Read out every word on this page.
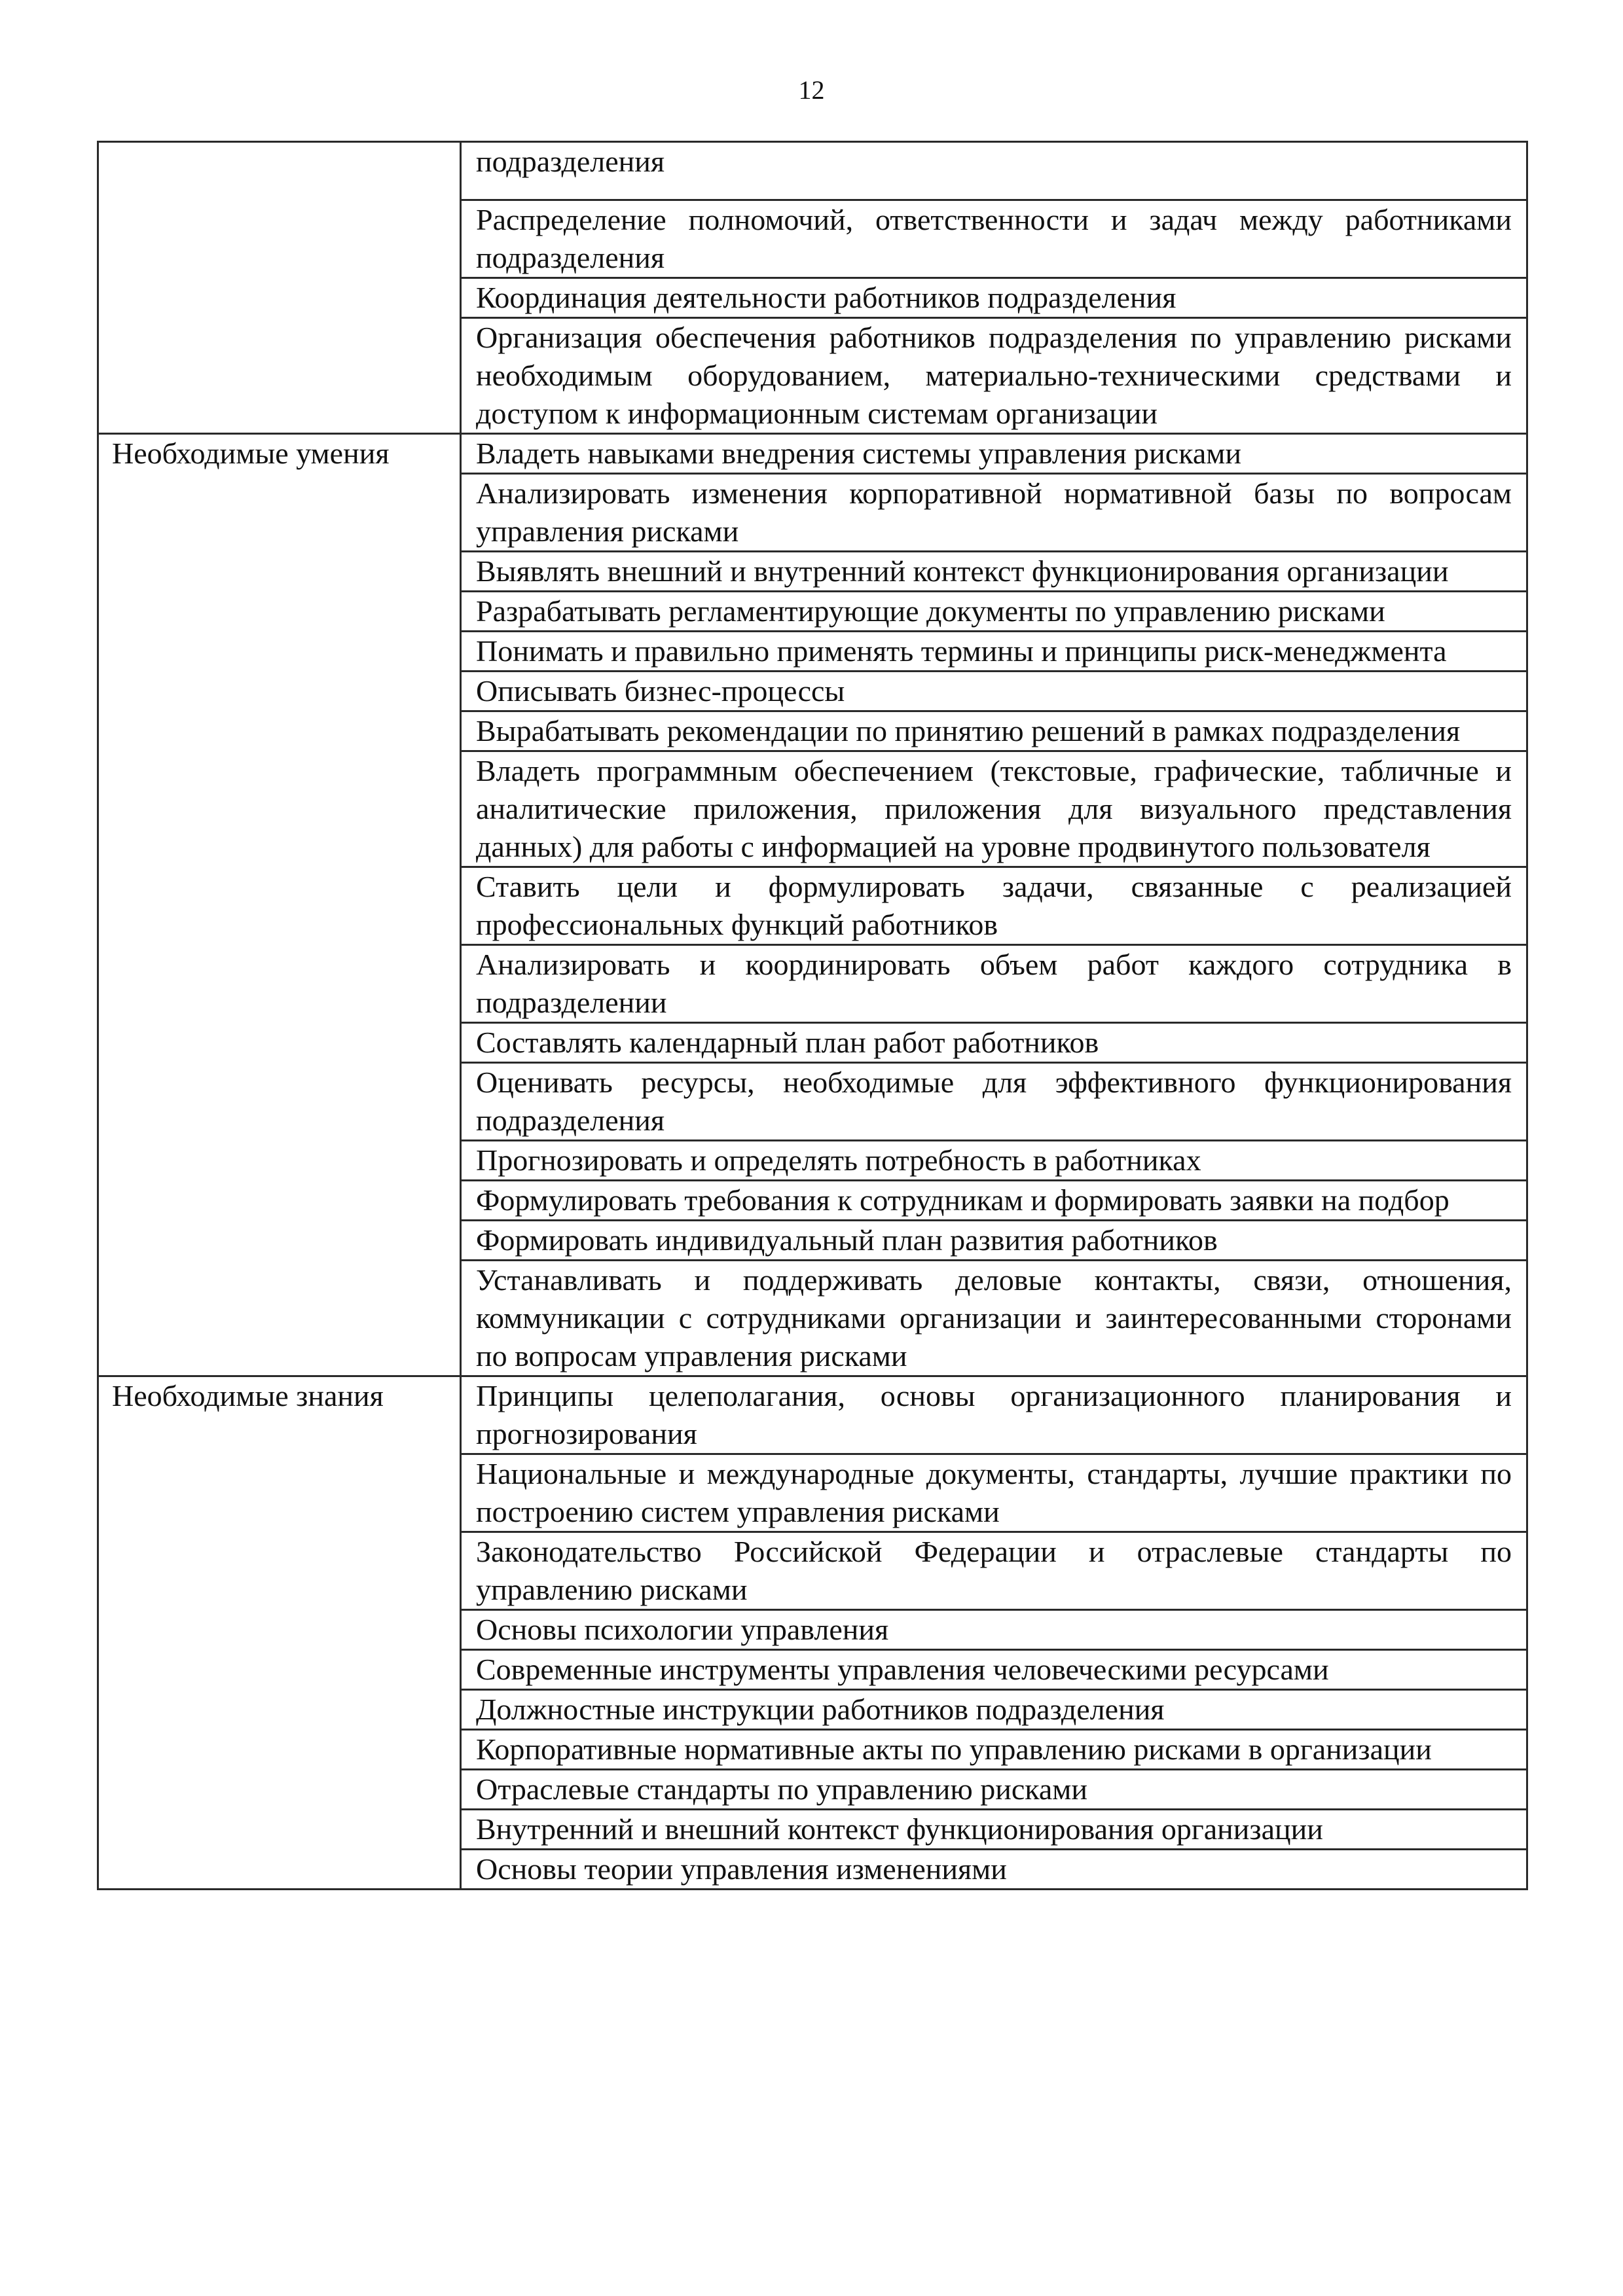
12
	подразделения
	Распределение полномочий, ответственности и задач между работниками подразделения
	Координация деятельности работников подразделения
	Организация обеспечения работников подразделения по управлению рисками необходимым оборудованием, материально-техническими средствами и доступом к информационным системам организации
Необходимые умения	Владеть навыками внедрения системы управления рисками
	Анализировать изменения корпоративной нормативной базы по вопросам управления рисками
	Выявлять внешний и внутренний контекст функционирования организации
	Разрабатывать регламентирующие документы по управлению рисками
	Понимать и правильно применять термины и принципы риск-менеджмента
	Описывать бизнес-процессы
	Вырабатывать рекомендации по принятию решений в рамках подразделения
	Владеть программным обеспечением (текстовые, графические, табличные и аналитические приложения, приложения для визуального представления данных) для работы с информацией на уровне продвинутого пользователя
	Ставить цели и формулировать задачи, связанные с реализацией профессиональных функций работников
	Анализировать и координировать объем работ каждого сотрудника в подразделении
	Составлять календарный план работ работников
	Оценивать ресурсы, необходимые для эффективного функционирования подразделения
	Прогнозировать и определять потребность в работниках
	Формулировать требования к сотрудникам и формировать заявки на подбор
	Формировать индивидуальный план развития работников
	Устанавливать и поддерживать деловые контакты, связи, отношения, коммуникации с сотрудниками организации и заинтересованными сторонами по вопросам управления рисками
Необходимые знания	Принципы целеполагания, основы организационного планирования и прогнозирования
	Национальные и международные документы, стандарты, лучшие практики по построению систем управления рисками
	Законодательство Российской Федерации и отраслевые стандарты по управлению рисками
	Основы психологии управления
	Современные инструменты управления человеческими ресурсами
	Должностные инструкции работников подразделения
	Корпоративные нормативные акты по управлению рисками в организации
	Отраслевые стандарты по управлению рисками
	Внутренний и внешний контекст функционирования организации
	Основы теории управления изменениями
